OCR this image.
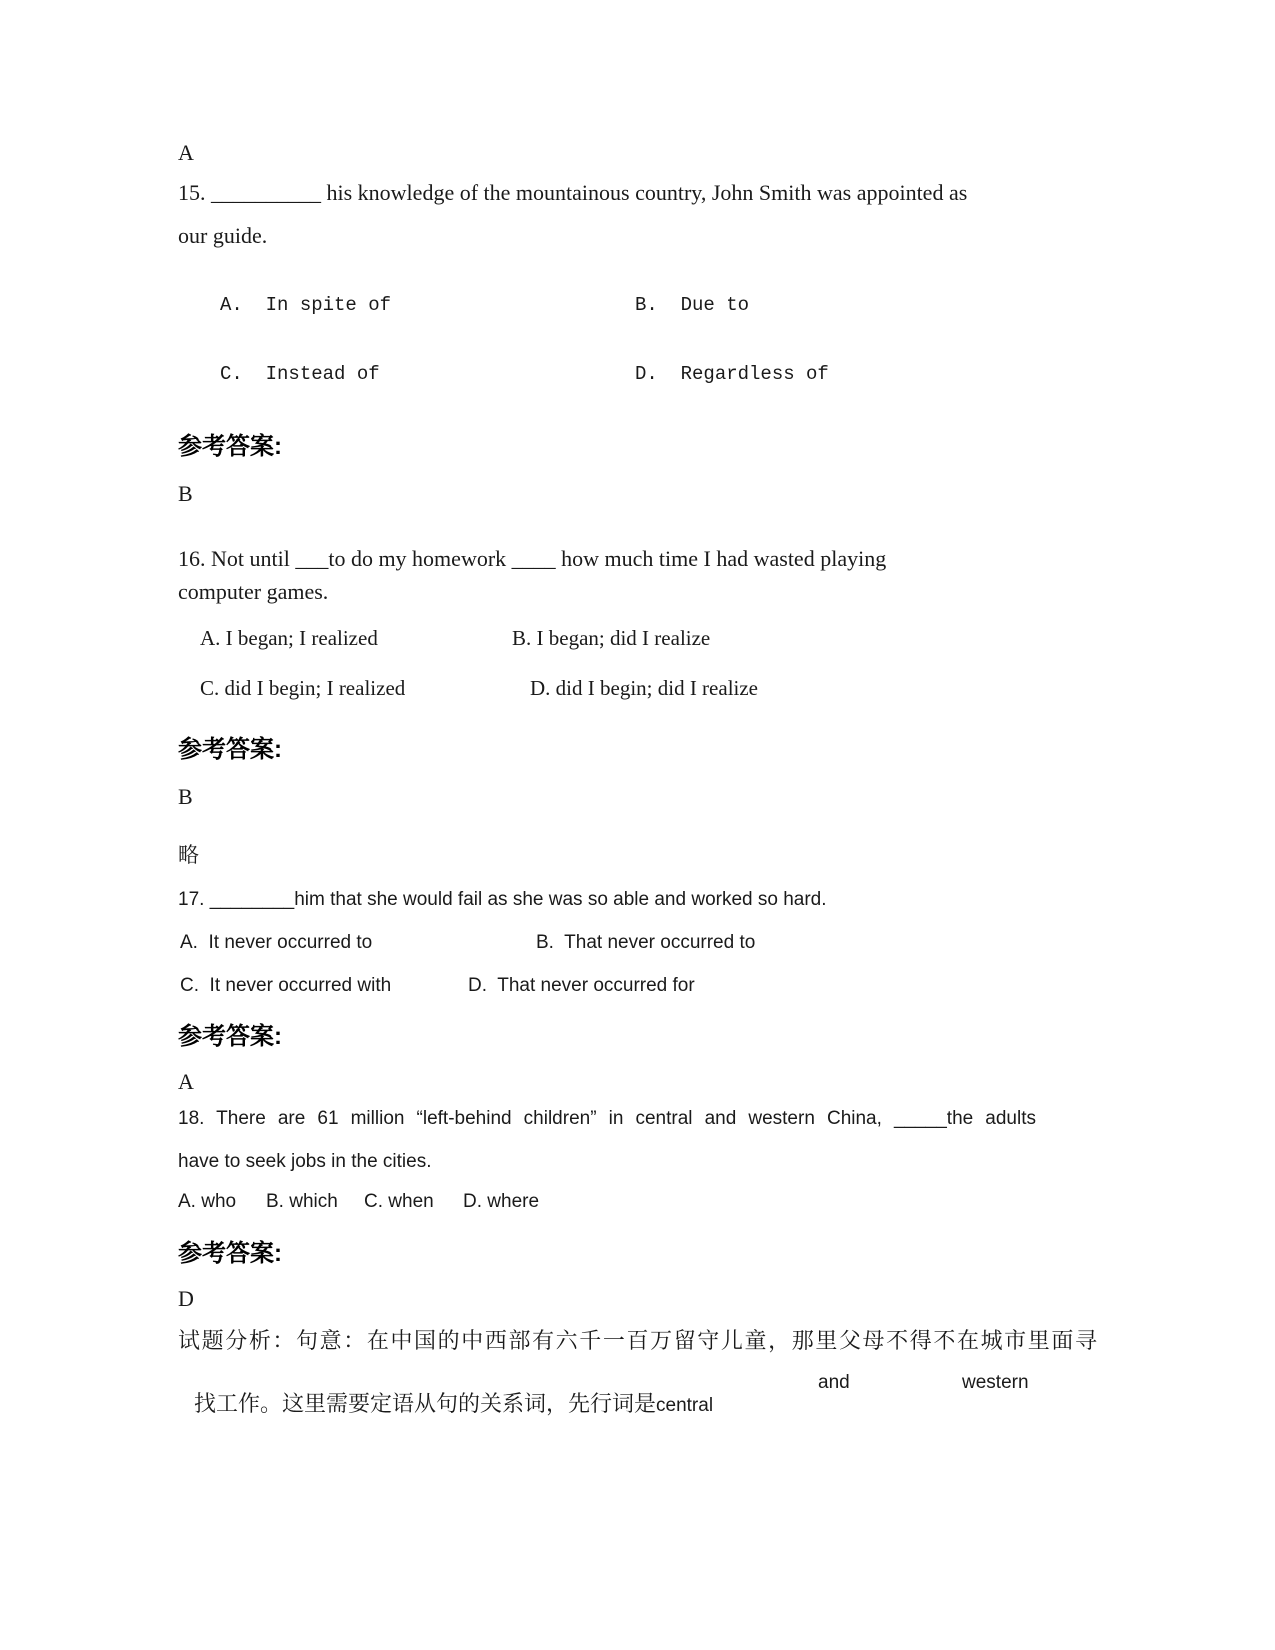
A
15. __________ his knowledge of the mountainous country, John Smith was appointed as
our guide.
A.  In spite of	B.  Due to
C.  Instead of	D.  Regardless of
参考答案:
B
16. Not until ___to do my homework ____ how much time I had wasted playing
computer games.
A. I began; I realized	B. I began; did I realize
C. did I begin; I realized	D. did I begin; did I realize
参考答案:
B
略
17. ________him that she would fail as she was so able and worked so hard.
A.  It never occurred to	B.  That never occurred to
C.  It never occurred with	D.  That never occurred for
参考答案:
A
18. There are 61 million “left-behind children” in central and western China, _____the adults
have to seek jobs in the cities.
A. who B. which C. when D. where
参考答案:
D
试题分析：句意：在中国的中西部有六千一百万留守儿童，那里父母不得不在城市里面寻

找工作。这里需要定语从句的关系词，先行词是central

and	western
